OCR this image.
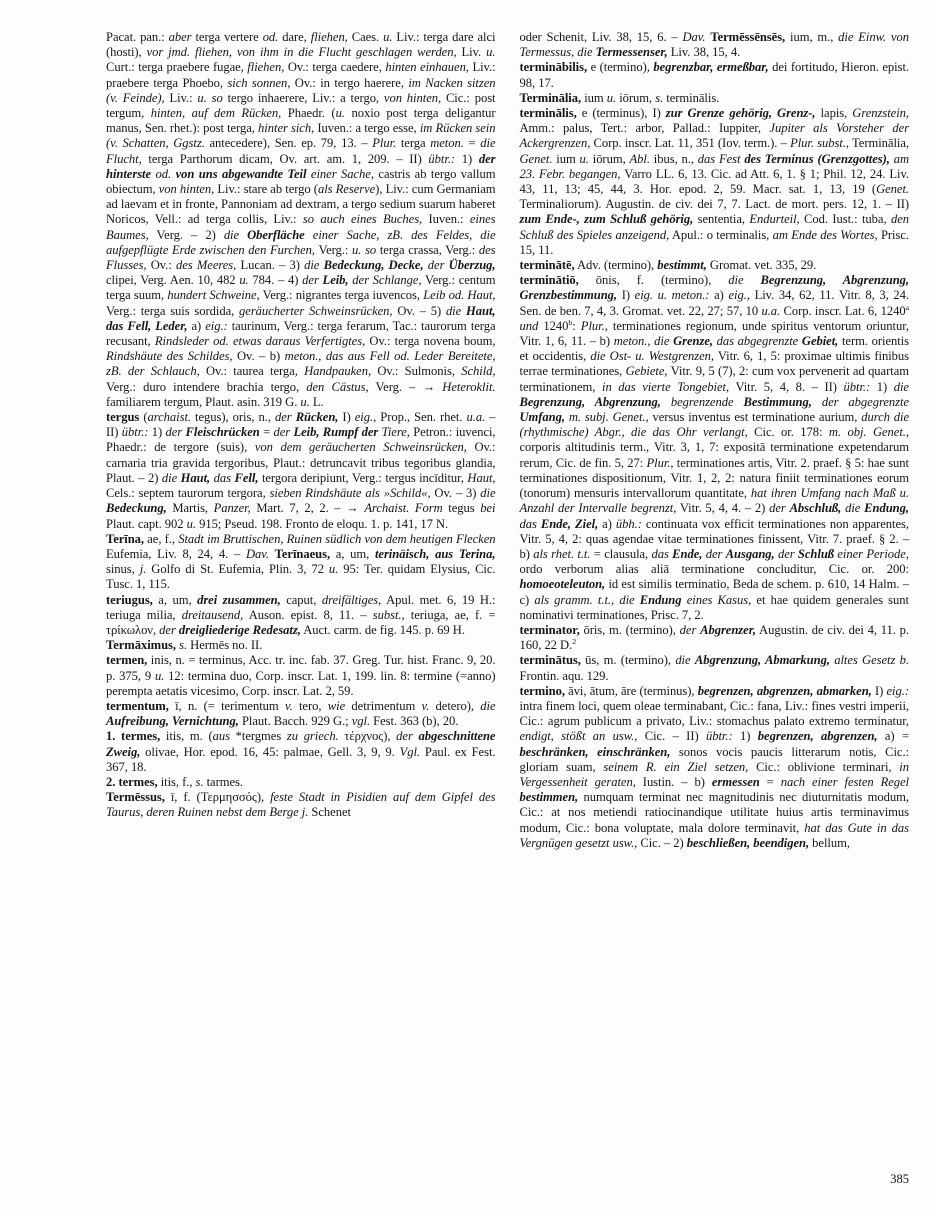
Pacat. pan.: aber terga vertere od. dare, fliehen, Caes. u. Liv.: terga dare alci (hosti), vor jmd. fliehen, von ihm in die Flucht geschlagen werden, Liv. u. Curt.: terga praebere fugae, fliehen, Ov.: terga caedere, hinten einhauen, Liv.: praebere terga Phoebo, sich sonnen, Ov.: in tergo haerere, im Nacken sitzen (v. Feinde), Liv.: u. so tergo inhaerere, Liv.: a tergo, von hinten, Cic.: post tergum, hinten, auf dem Rücken, Phaedr. (u. noxio post terga deligantur manus, Sen. rhet.): post terga, hinter sich, Iuven.: a tergo esse, im Rücken sein (v. Schatten, Ggstz. antecedere), Sen. ep. 79, 13. – Plur. terga meton. = die Flucht, terga Parthorum dicam, Ov. art. am. 1, 209. – II) übtr.: 1) der hinterste od. von uns abgewandte Teil einer Sache, castris ab tergo vallum obiectum, von hinten, Liv.: stare ab tergo (als Reserve), Liv.: cum Germaniam ad laevam et in fronte, Pannoniam ad dextram, a tergo sedium suarum haberet Noricos, Vell.: ad terga collis, Liv.: so auch eines Buches, Iuven.: eines Baumes, Verg. – 2) die Oberfläche einer Sache, zB. des Feldes, die aufgepflügte Erde zwischen den Furchen, Verg.: u. so terga crassa, Verg.: des Flusses, Ov.: des Meeres, Lucan. – 3) die Bedeckung, Decke, der Überzug, clipei, Verg. Aen. 10, 482 u. 784. – 4) der Leib, der Schlange, Verg.: centum terga suum, hundert Schweine, Verg.: nigrantes terga iuvencos, Leib od. Haut, Verg.: terga suis sordida, geräucherter Schweinsrücken, Ov. – 5) die Haut, das Fell, Leder, a) eig.: taurinum, Verg.: terga ferarum, Tac.: taurorum terga recusant, Rindsleder od. etwas daraus Verfertigtes, Ov.: terga novena boum, Rindshäute des Schildes, Ov. – b) meton., das aus Fell od. Leder Bereitete, zB. der Schlauch, Ov.: taurea terga, Handpauken, Ov.: Sulmonis, Schild, Verg.: duro intendere brachia tergo, den Cästus, Verg. – → Heteroklit. familiarem tergum, Plaut. asin. 319 G. u. L.

tergus (archaist. tegus), oris, n., der Rücken, I) eig., Prop., Sen. rhet. u.a. – II) übtr.: 1) der Fleischrücken = der Leib, Rumpf der Tiere, Petron.: iuvenci, Phaedr.: de tergore (suis), von dem geräucherten Schweinsrücken, Ov.: carnaria tria gravida tergoribus, Plaut.: detruncavit tribus tegoribus glandia, Plaut. – 2) die Haut, das Fell, tergora deripiunt, Verg.: tergus incīditur, Haut, Cels.: septem taurorum tergora, sieben Rindshäute als »Schild«, Ov. – 3) die Bedeckung, Martis, Panzer, Mart. 7, 2, 2. – → Archaist. Form tegus bei Plaut. capt. 902 u. 915; Pseud. 198. Fronto de eloqu. 1. p. 141, 17 N.

Terīna, ae, f., Stadt im Bruttischen, Ruinen südlich von dem heutigen Flecken Eufemia, Liv. 8, 24, 4. – Dav. Terīnaeus, a, um, terinäisch, aus Terina, sinus, j. Golfo di St. Eufemia, Plin. 3, 72 u. 95: Ter. quidam Elysius, Cic. Tusc. 1, 115.

teriugus, a, um, drei zusammen, caput, dreifältiges, Apul. met. 6, 19 H.: teriuga milia, dreitausend, Auson. epist. 8, 11. – subst., teriuga, ae, f. = τρίκωλον, der dreigliederige Redesatz, Auct. carm. de fig. 145. p. 69 H.

Termāximus, s. Hermēs no. II.

termen, inis, n. = terminus, Acc. tr. inc. fab. 37. Greg. Tur. hist. Franc. 9, 20. p. 375, 9 u. 12: termina duo, Corp. inscr. Lat. 1, 199. lin. 8: termine (=anno) perempta aetatis vicesimo, Corp. inscr. Lat. 2, 59.

termentum, ī, n. (= terimentum v. tero, wie detrimentum v. detero), die Aufreibung, Vernichtung, Plaut. Bacch. 929 G.; vgl. Fest. 363 (b), 20.

1. termes, itis, m. (aus *tergmes zu griech. τέρχνος), der abgeschnittene Zweig, olivae, Hor. epod. 16, 45: palmae, Gell. 3, 9, 9. Vgl. Paul. ex Fest. 367, 18.

2. termes, itis, f., s. tarmes.

Termēssus, ī, f. (Τερμησσός), feste Stadt in Pisidien auf dem Gipfel des Taurus, deren Ruinen nebst dem Berge j. Schenet

oder Schenit, Liv. 38, 15, 6. – Dav. Termēssēnsēs, ium, m., die Einw. von Termessus, die Termessenser, Liv. 38, 15, 4.

terminābilis, e (termino), begrenzbar, ermeßbar, dei fortitudo, Hieron. epist. 98, 17.

Terminālia, ium u. iōrum, s. terminālis.

terminālis, e (terminus), I) zur Grenze gehörig, Grenz-, lapis, Grenzstein, Amm.: palus, Tert.: arbor, Pallad.: Iuppiter, Jupiter als Vorsteher der Ackergrenzen, Corp. inscr. Lat. 11, 351 (Iov. term.). – Plur. subst., Terminālia, Genet. ium u. iōrum, Abl. ibus, n., das Fest des Terminus (Grenzgottes), am 23. Febr. begangen, Varro LL. 6, 13. Cic. ad Att. 6, 1. § 1; Phil. 12, 24. Liv. 43, 11, 13; 45, 44, 3. Hor. epod. 2, 59. Macr. sat. 1, 13, 19 (Genet. Terminaliorum). Augustin. de civ. dei 7, 7. Lact. de mort. pers. 12, 1. – II) zum Ende-, zum Schluß gehörig, sententia, Endurteil, Cod. Iust.: tuba, den Schluß des Spieles anzeigend, Apul.: o terminalis, am Ende des Wortes, Prisc. 15, 11.

terminātē, Adv. (termino), bestimmt, Gromat. vet. 335, 29.

terminātiō, ōnis, f. (termino), die Begrenzung, Abgrenzung, Grenzbestimmung, I) eig. u. meton.: a) eig., Liv. 34, 62, 11. Vitr. 8, 3, 24. Sen. de ben. 7, 4, 3. Gromat. vet. 22, 27; 57, 10 u.a. Corp. inscr. Lat. 6, 1240$^a$ und 1240$^b$: Plur., terminationes regionum, unde spiritus ventorum oriuntur, Vitr. 1, 6, 11. – b) meton., die Grenze, das abgegrenzte Gebiet, term. orientis et occidentis, die Ost- u. Westgrenzen, Vitr. 6, 1, 5: proximae ultimis finibus terrae terminationes, Gebiete, Vitr. 9, 5 (7), 2: cum vox pervenerit ad quartam terminationem, in das vierte Tongebiet, Vitr. 5, 4, 8. – II) übtr.: 1) die Begrenzung, Abgrenzung, begrenzende Bestimmung, der abgegrenzte Umfang, m. subj. Genet., versus inventus est terminatione aurium, durch die (rhythmische) Abgr., die das Ohr verlangt, Cic. or. 178: m. obj. Genet., corporis altitudinis term., Vitr. 3, 1, 7: expositā terminatione expetendarum rerum, Cic. de fin. 5, 27: Plur., terminationes artis, Vitr. 2. praef. § 5: hae sunt terminationes dispositionum, Vitr. 1, 2, 2: natura finiit terminationes eorum (tonorum) mensuris intervallorum quantitate, hat ihren Umfang nach Maß u. Anzahl der Intervalle begrenzt, Vitr. 5, 4, 4. – 2) der Abschluß, die Endung, das Ende, Ziel, a) übh.: continuata vox efficit terminationes non apparentes, Vitr. 5, 4, 2: quas agendae vitae terminationes finissent, Vitr. 7. praef. § 2. – b) als rhet. t.t. = clausula, das Ende, der Ausgang, der Schluß einer Periode, ordo verborum alias aliā terminatione concluditur, Cic. or. 200: homoeoteleuton, id est similis terminatio, Beda de schem. p. 610, 14 Halm. – c) als gramm. t.t., die Endung eines Kasus, et hae quidem generales sunt nominativi terminationes, Prisc. 7, 2.

terminator, ōris, m. (termino), der Abgrenzer, Augustin. de civ. dei 4, 11. p. 160, 22 D.$^2$

terminātus, ūs, m. (termino), die Abgrenzung, Abmarkung, altes Gesetz b. Frontin. aqu. 129.

termino, āvi, ātum, āre (terminus), begrenzen, abgrenzen, abmarken, I) eig.: intra finem loci, quem oleae terminabant, Cic.: fana, Liv.: fines vestri imperii, Cic.: agrum publicum a privato, Liv.: stomachus palato extremo terminatur, endigt, stößt an usw., Cic. – II) übtr.: 1) begrenzen, abgrenzen, a) = beschränken, einschränken, sonos vocis paucis litterarum notis, Cic.: gloriam suam, seinem R. ein Ziel setzen, Cic.: oblivione terminari, in Vergessenheit geraten, Iustin. – b) ermessen = nach einer festen Regel bestimmen, numquam terminat nec magnitudinis nec diuturnitatis modum, Cic.: at nos metiendi ratiocinandique utilitate huius artis terminavimus modum, Cic.: bona voluptate, mala dolore terminavit, hat das Gute in das Vergnügen gesetzt usw., Cic. – 2) beschließen, beendigen, bellum,

385
